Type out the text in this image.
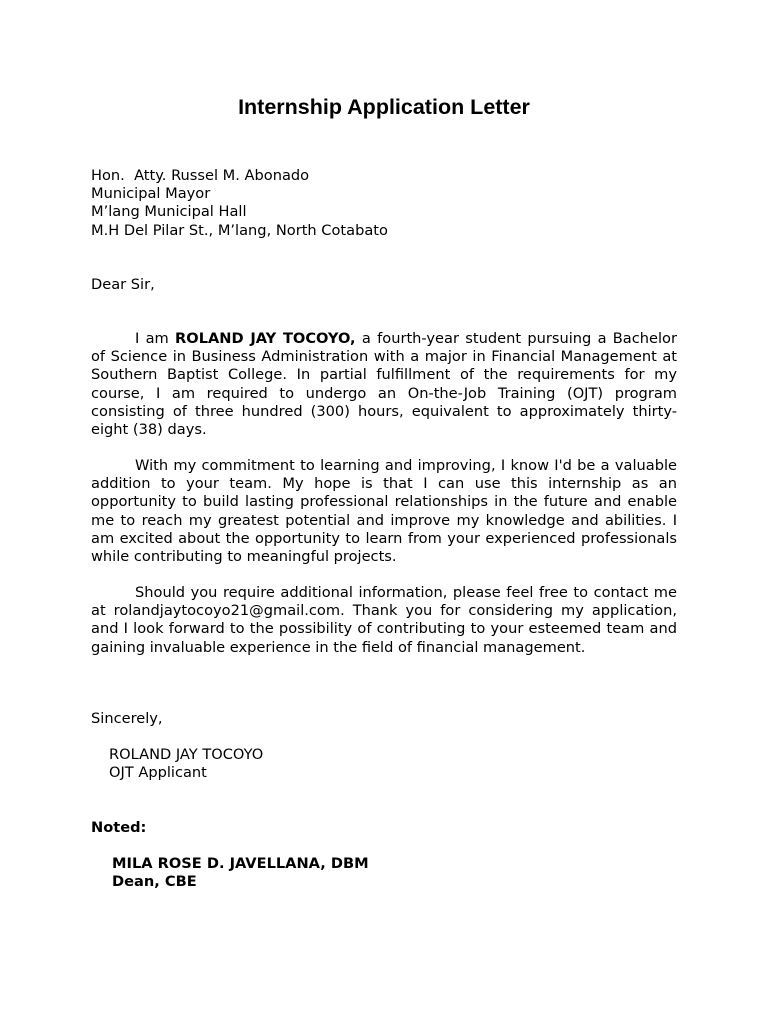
Internship Application Letter
Hon.  Atty. Russel M. Abonado
Municipal Mayor
M’lang Municipal Hall
M.H Del Pilar St., M’lang, North Cotabato
Dear Sir,

I am ROLAND JAY TOCOYO, a fourth-year student pursuing a Bachelor of Science in Business Administration with a major in Financial Management at Southern Baptist College. In partial fulfillment of the requirements for my course, I am required to undergo an On-the-Job Training (OJT) program consisting of three hundred (300) hours, equivalent to approximately thirty-eight (38) days.

With my commitment to learning and improving, I know I'd be a valuable addition to your team. My hope is that I can use this internship as an opportunity to build lasting professional relationships in the future and enable me to reach my greatest potential and improve my knowledge and abilities. I am excited about the opportunity to learn from your experienced professionals while contributing to meaningful projects.

Should you require additional information, please feel free to contact me at rolandjaytocoyo21@gmail.com. Thank you for considering my application, and I look forward to the possibility of contributing to your esteemed team and gaining invaluable experience in the field of financial management.

Sincerely,
ROLAND JAY TOCOYO
OJT Applicant
Noted:
MILA ROSE D. JAVELLANA, DBM
Dean, CBE
